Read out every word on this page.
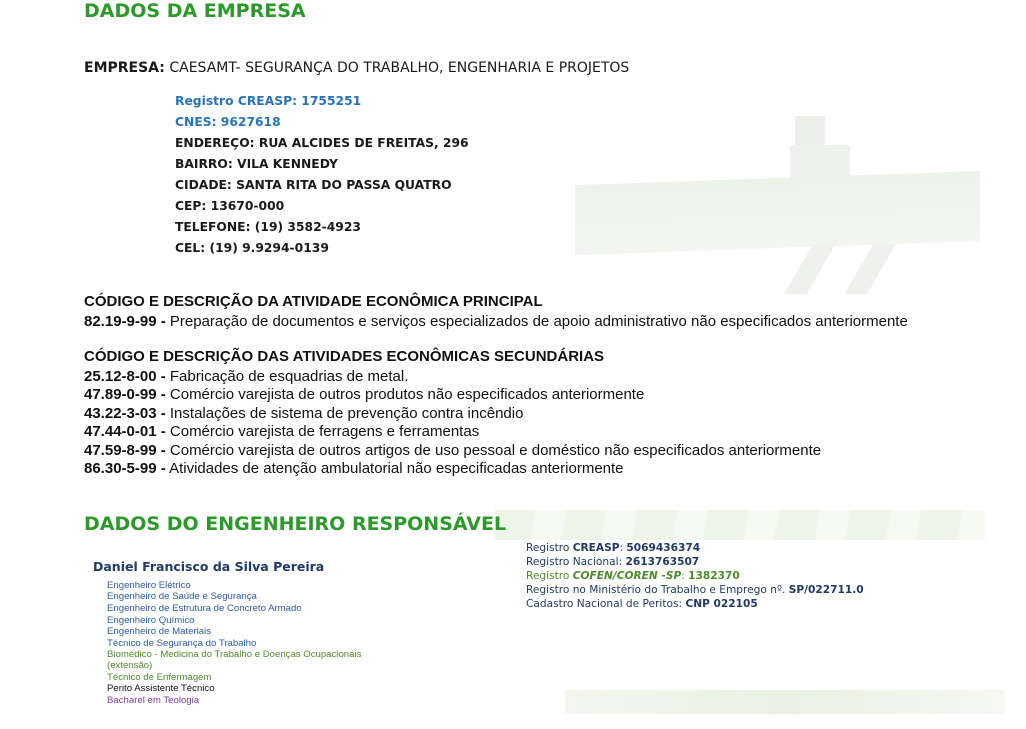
DADOS DA EMPRESA
EMPRESA: CAESAMT- SEGURANÇA DO TRABALHO, ENGENHARIA E PROJETOS
Registro CREASP: 1755251
CNES: 9627618
ENDEREÇO: RUA ALCIDES DE FREITAS, 296
BAIRRO: VILA KENNEDY
CIDADE: SANTA RITA DO PASSA QUATRO
CEP: 13670-000
TELEFONE: (19) 3582-4923
CEL: (19) 9.9294-0139
CÓDIGO E DESCRIÇÃO DA ATIVIDADE ECONÔMICA PRINCIPAL
82.19-9-99 - Preparação de documentos e serviços especializados de apoio administrativo não especificados anteriormente
CÓDIGO E DESCRIÇÃO DAS ATIVIDADES ECONÔMICAS SECUNDÁRIAS
25.12-8-00 - Fabricação de esquadrias de metal.
47.89-0-99 - Comércio varejista de outros produtos não especificados anteriormente
43.22-3-03 - Instalações de sistema de prevenção contra incêndio
47.44-0-01 - Comércio varejista de ferragens e ferramentas
47.59-8-99 - Comércio varejista de outros artigos de uso pessoal e doméstico não especificados anteriormente
86.30-5-99 - Atividades de atenção ambulatorial não especificadas anteriormente
DADOS DO ENGENHEIRO RESPONSÁVEL
Daniel Francisco da Silva Pereira
Engenheiro Elétrico
Engenheiro de Saúde e Segurança
Engenheiro de Estrutura de Concreto Armado
Engenheiro Químico
Engenheiro de Materiais
Técnico de Segurança do Trabalho
Biomédico - Medicina do Trabalho e Doenças Ocupacionais
(extensão)
Técnico de Enfermagem
Perito Assistente Técnico
Bacharel em Teologia
Registro CREASP: 5069436374
Registro Nacional: 2613763507
Registro COFEN/COREN -SP: 1382370
Registro no Ministério do Trabalho e Emprego nº. SP/022711.0
Cadastro Nacional de Peritos: CNP 022105
